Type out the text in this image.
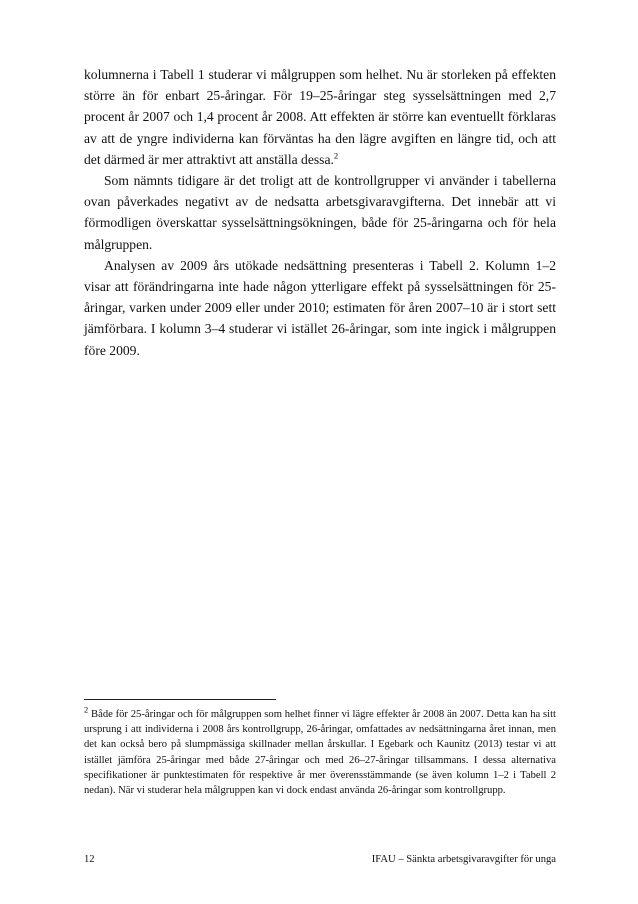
kolumnerna i Tabell 1 studerar vi målgruppen som helhet. Nu är storleken på effekten större än för enbart 25-åringar. För 19–25-åringar steg sysselsättningen med 2,7 procent år 2007 och 1,4 procent år 2008. Att effekten är större kan eventuellt förklaras av att de yngre individerna kan förväntas ha den lägre avgiften en längre tid, och att det därmed är mer attraktivt att anställa dessa.$^2$

Som nämnts tidigare är det troligt att de kontrollgrupper vi använder i tabellerna ovan påverkades negativt av de nedsatta arbetsgivaravgifterna. Det innebär att vi förmodligen överskattar sysselsättningsökningen, både för 25-åringarna och för hela målgruppen.

Analysen av 2009 års utökade nedsättning presenteras i Tabell 2. Kolumn 1–2 visar att förändringarna inte hade någon ytterligare effekt på sysselsättningen för 25-åringar, varken under 2009 eller under 2010; estimaten för åren 2007–10 är i stort sett jämförbara. I kolumn 3–4 studerar vi istället 26-åringar, som inte ingick i målgruppen före 2009.

$^2$ Både för 25-åringar och för målgruppen som helhet finner vi lägre effekter år 2008 än 2007. Detta kan ha sitt ursprung i att individerna i 2008 års kontrollgrupp, 26-åringar, omfattades av nedsättningarna året innan, men det kan också bero på slumpmässiga skillnader mellan årskullar. I Egebark och Kaunitz (2013) testar vi att istället jämföra 25-åringar med både 27-åringar och med 26–27-åringar tillsammans. I dessa alternativa specifikationer är punktestimaten för respektive år mer överensstämmande (se även kolumn 1–2 i Tabell 2 nedan). När vi studerar hela målgruppen kan vi dock endast använda 26-åringar som kontrollgrupp.

12	IFAU – Sänkta arbetsgivaravgifter för unga
